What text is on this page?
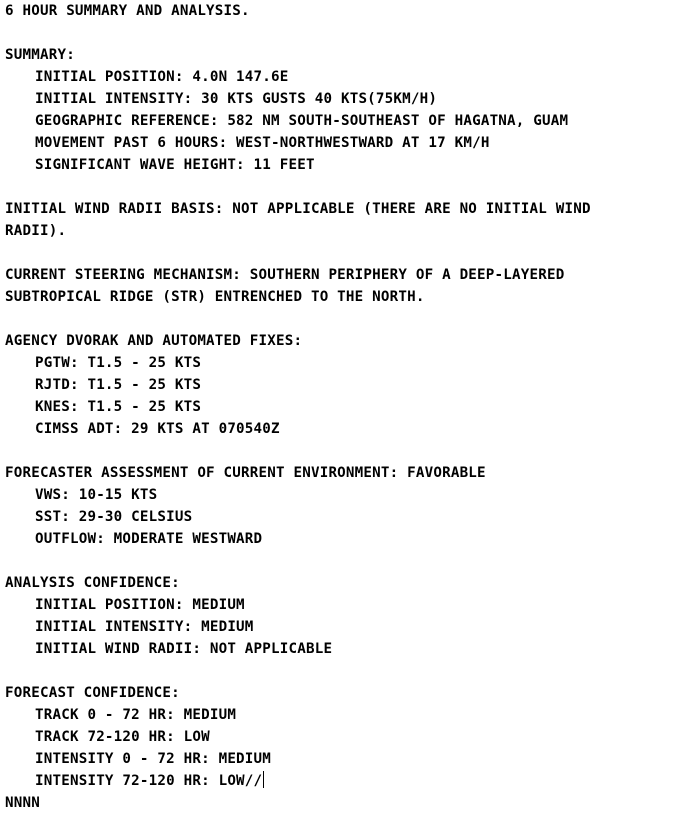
6 HOUR SUMMARY AND ANALYSIS.
SUMMARY:
INITIAL POSITION: 4.0N 147.6E
INITIAL INTENSITY: 30 KTS GUSTS 40 KTS(75KM/H)
GEOGRAPHIC REFERENCE: 582 NM SOUTH-SOUTHEAST OF HAGATNA, GUAM
MOVEMENT PAST 6 HOURS: WEST-NORTHWESTWARD AT 17 KM/H
SIGNIFICANT WAVE HEIGHT: 11 FEET
INITIAL WIND RADII BASIS: NOT APPLICABLE (THERE ARE NO INITIAL WIND
RADII).
CURRENT STEERING MECHANISM: SOUTHERN PERIPHERY OF A DEEP-LAYERED
SUBTROPICAL RIDGE (STR) ENTRENCHED TO THE NORTH.
AGENCY DVORAK AND AUTOMATED FIXES:
PGTW: T1.5 - 25 KTS
RJTD: T1.5 - 25 KTS
KNES: T1.5 - 25 KTS
CIMSS ADT: 29 KTS AT 070540Z
FORECASTER ASSESSMENT OF CURRENT ENVIRONMENT: FAVORABLE
VWS: 10-15 KTS
SST: 29-30 CELSIUS
OUTFLOW: MODERATE WESTWARD
ANALYSIS CONFIDENCE:
INITIAL POSITION: MEDIUM
INITIAL INTENSITY: MEDIUM
INITIAL WIND RADII: NOT APPLICABLE
FORECAST CONFIDENCE:
TRACK 0 - 72 HR: MEDIUM
TRACK 72-120 HR: LOW
INTENSITY 0 - 72 HR: MEDIUM
INTENSITY 72-120 HR: LOW//
NNNN
